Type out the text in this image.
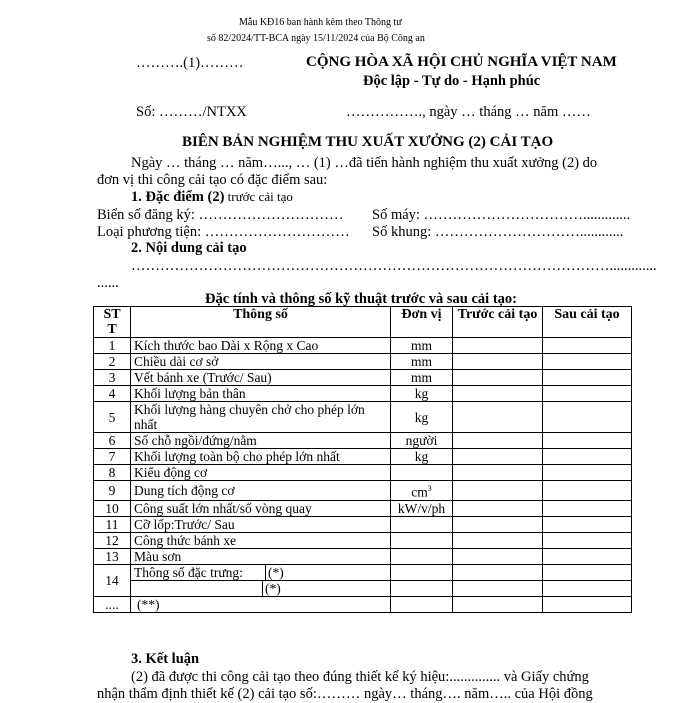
Mẫu KĐ16 ban hành kèm theo Thông tư
số 82/2024/TT-BCA ngày 15/11/2024 của Bộ Công an
……….(1)………
Số: ………/NTXX
CỘNG HÒA XÃ HỘI CHỦ NGHĨA VIỆT NAM
Độc lập - Tự do - Hạnh phúc
……………., ngày … tháng … năm ……
BIÊN BẢN NGHIỆM THU XUẤT XƯỞNG (2) CẢI TẠO
Ngày … tháng … năm…..., … (1) …đã tiến hành nghiệm thu xuất xưởng (2) do
đơn vị thi công cải tạo có đặc điểm sau:
1. Đặc điểm (2) trước cải tạo
Biển số đăng ký: ………………………… Số máy: …………………………….............
Loại phương tiện: ………………………… Số khung: …………………………............
2. Nội dung cải tạo
……………………………………………………………………………………….............
......
Đặc tính và thông số kỹ thuật trước và sau cải tạo:
ST
T	Thông số	Đơn vị	Trước cải tạo	Sau cải tạo
1	Kích thước bao Dài x Rộng x Cao	mm		
2	Chiều dài cơ sở	mm		
3	Vết bánh xe (Trước/ Sau)	mm		
4	Khối lượng bản thân	kg		
5	Khối lượng hàng chuyên chở cho phép lớn nhất	kg		
6	Số chỗ ngồi/đứng/nằm	người		
7	Khối lượng toàn bộ cho phép lớn nhất	kg		
8	Kiểu động cơ			
9	Dung tích động cơ	$cm^3$		
10	Công suất lớn nhất/số vòng quay	kW/v/ph		
11	Cỡ lốp:Trước/ Sau			
12	Công thức bánh xe			
13	Màu sơn			
14	Thông số đặc trưng: (*)			

	(*)			

....	(**)			
3. Kết luận
(2) đã được thi công cải tạo theo đúng thiết kế ký hiệu:.............. và Giấy chứng
nhận thẩm định thiết kế (2) cải tạo số:……… ngày… tháng…. năm….. của Hội đồng
